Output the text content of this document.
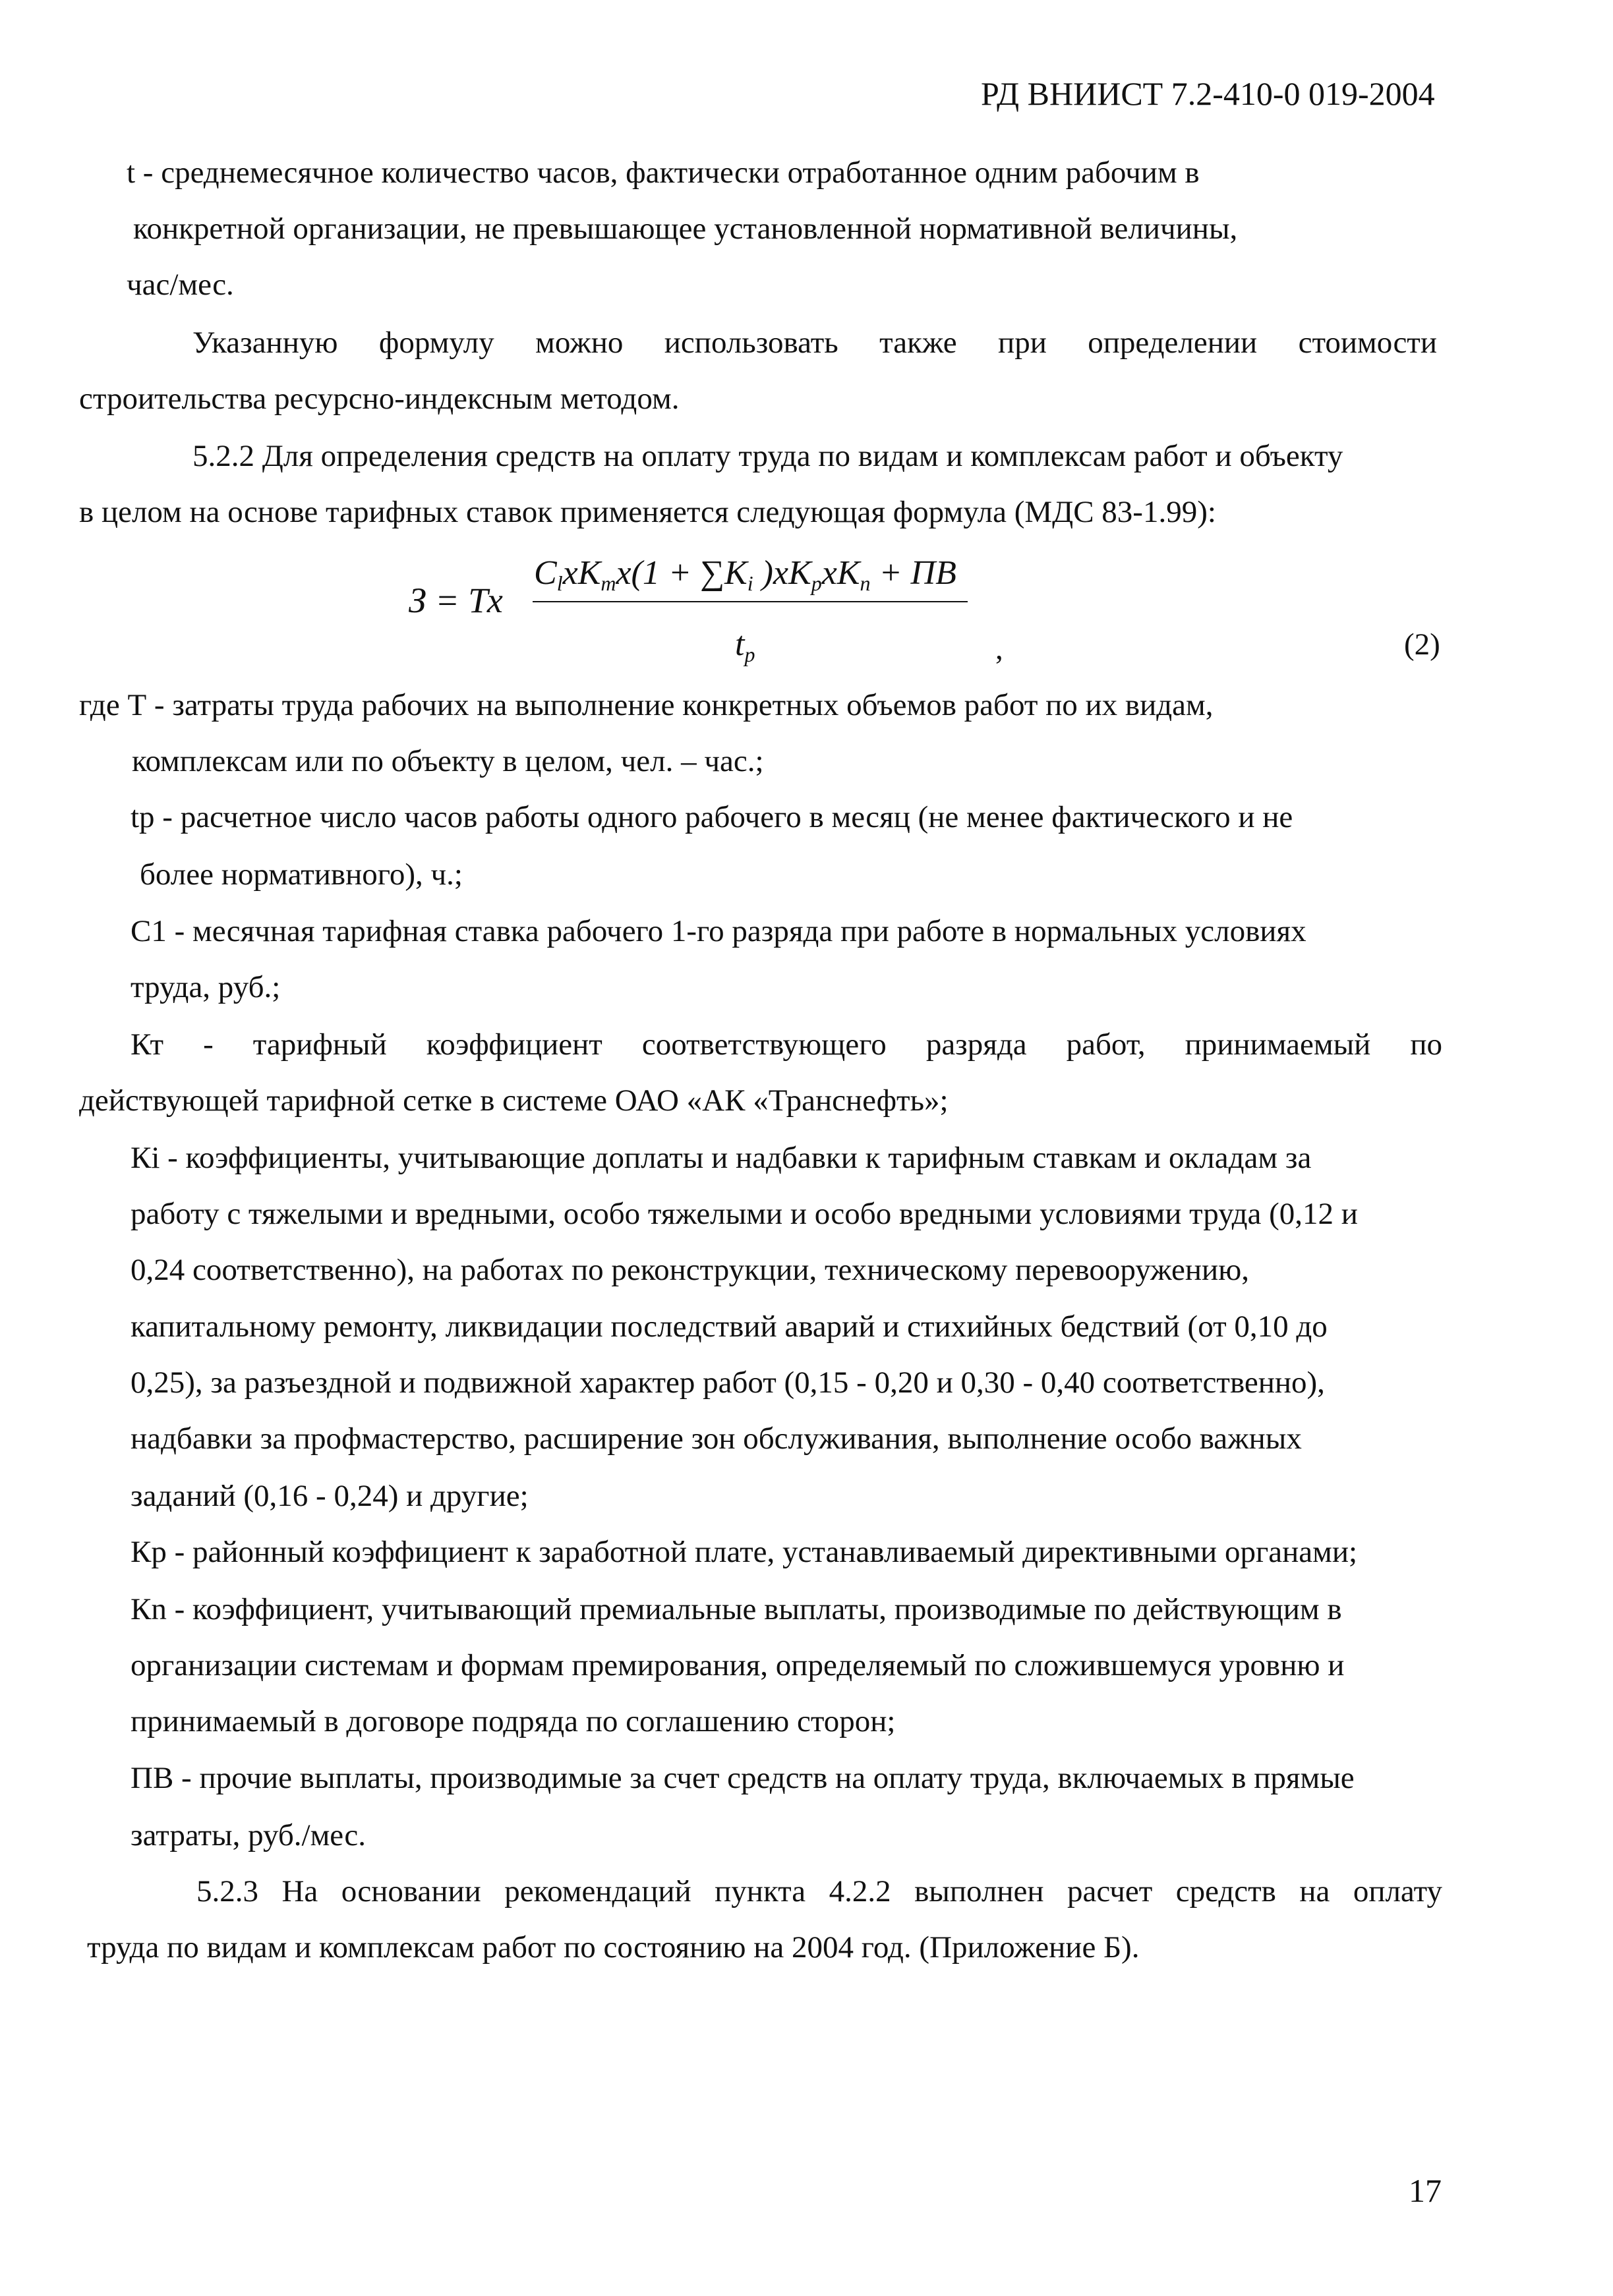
РД ВНИИСТ 7.2-410-0 019-2004

t - среднемесячное количество часов, фактически отработанное одним рабочим в

конкретной организации, не превышающее установленной нормативной величины,

час/мес.

Указанную формулу можно использовать также при определении стоимости

строительства ресурсно-индексным методом.

5.2.2 Для определения средств на оплату труда по видам и комплексам работ и объекту

в целом на основе тарифных ставок применяется следующая формула (МДС 83-1.99):

З = Тх
$C_lxK_mx(1 + \sum K_i$ )$xK_pxK_n$ + ПВ
$t_p$	,	(2)

где Т - затраты труда рабочих на выполнение конкретных объемов работ по их видам,

комплексам или по объекту в целом, чел. – час.;

tр - расчетное число часов работы одного рабочего в месяц (не менее фактического и не

более нормативного), ч.;

С1 - месячная тарифная ставка рабочего 1-го разряда при работе в нормальных условиях

труда, руб.;

Кт - тарифный коэффициент соответствующего разряда работ, принимаемый по

действующей тарифной сетке в системе ОАО «АК «Транснефть»;

Кi - коэффициенты, учитывающие доплаты и надбавки к тарифным ставкам и окладам за

работу с тяжелыми и вредными, особо тяжелыми и особо вредными условиями труда (0,12 и

0,24 соответственно), на работах по реконструкции, техническому перевооружению,

капитальному ремонту, ликвидации последствий аварий и стихийных бедствий (от 0,10 до

0,25), за разъездной и подвижной характер работ (0,15 - 0,20 и 0,30 - 0,40 соответственно),

надбавки за профмастерство, расширение зон обслуживания, выполнение особо важных

заданий (0,16 - 0,24) и другие;

Кр - районный коэффициент к заработной плате, устанавливаемый директивными органами;

Кn - коэффициент, учитывающий премиальные выплаты, производимые по действующим в

организации системам и формам премирования, определяемый по сложившемуся уровню и

принимаемый в договоре подряда по соглашению сторон;

ПВ - прочие выплаты, производимые за счет средств на оплату труда, включаемых в прямые

затраты, руб./мес.

5.2.3 На основании рекомендаций пункта 4.2.2 выполнен расчет средств на оплату

труда по видам и комплексам работ по состоянию на 2004 год. (Приложение Б).

17
